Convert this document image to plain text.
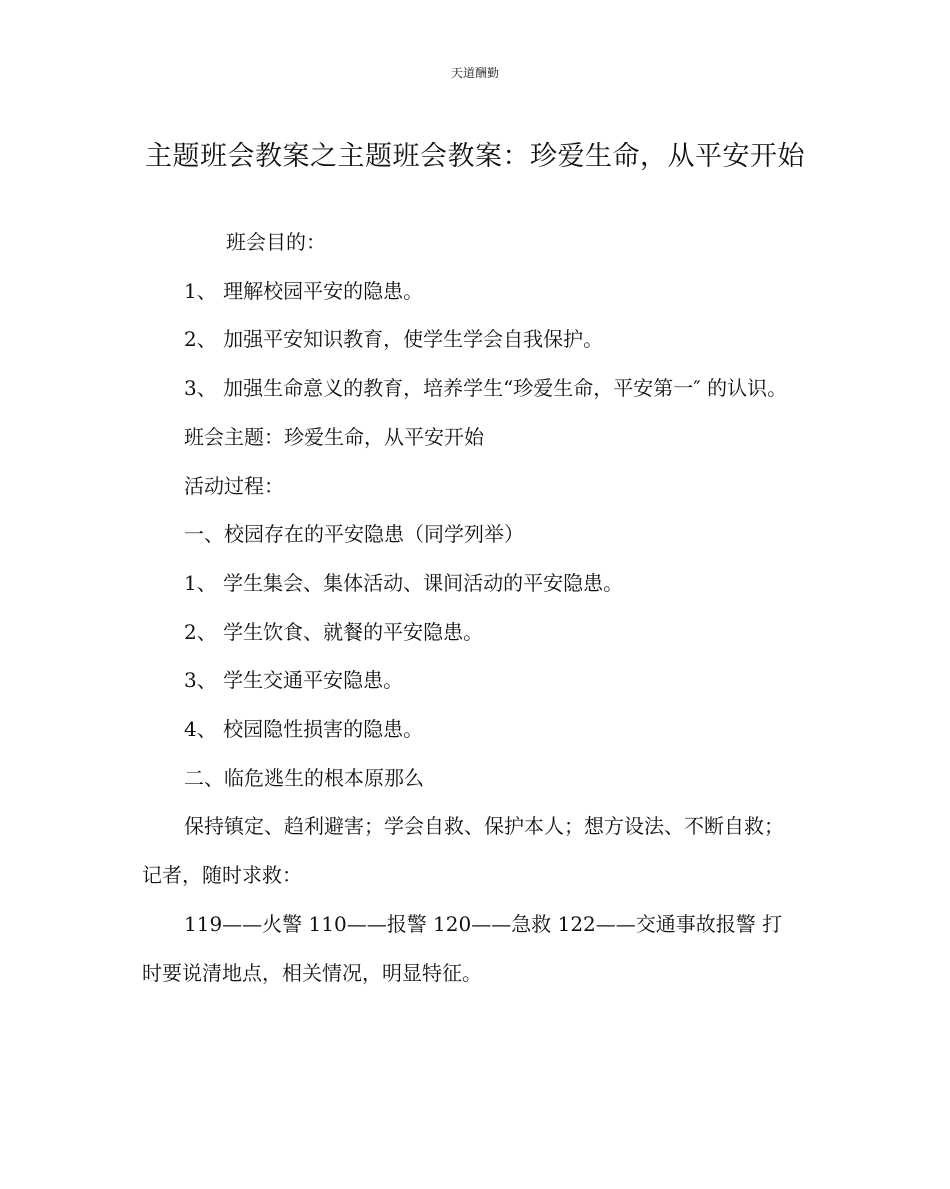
天道酬勤
主题班会教案之主题班会教案：珍爱生命，从平安开始

班会目的：

1、 理解校园平安的隐患。

2、 加强平安知识教育，使学生学会自我保护。

3、 加强生命意义的教育，培养学生“珍爱生命，平安第一″ 的认识。

班会主题：珍爱生命，从平安开始

活动过程：

一、校园存在的平安隐患（同学列举）

1、 学生集会、集体活动、课间活动的平安隐患。

2、 学生饮食、就餐的平安隐患。

3、 学生交通平安隐患。

4、 校园隐性损害的隐患。

二、临危逃生的根本原那么

保持镇定、趋利避害；学会自救、保护本人；想方设法、不断自救； 记者，随时求救：

119——火警 110——报警 120——急救 122——交通事故报警 打时要说清地点，相关情况，明显特征。
